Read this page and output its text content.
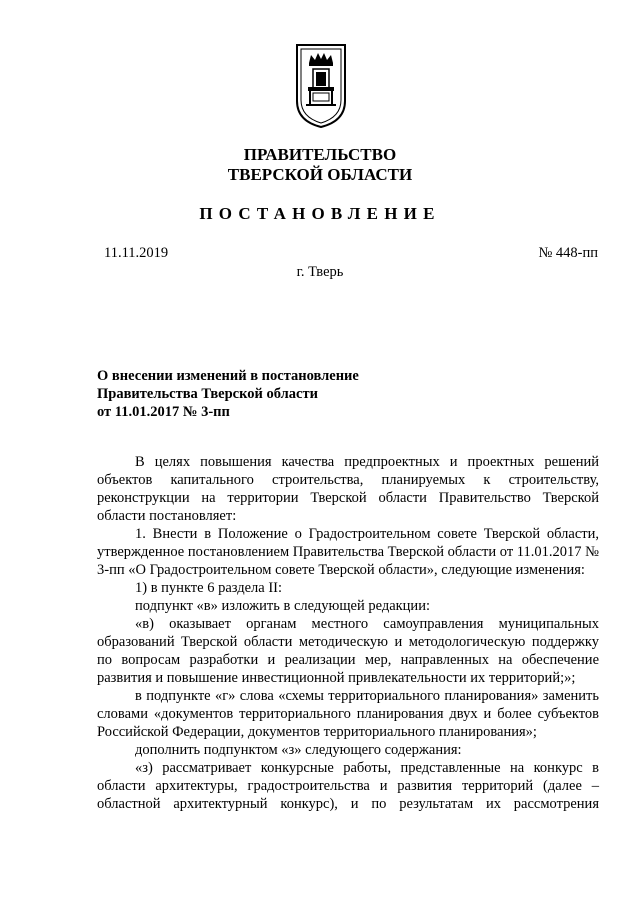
ПРАВИТЕЛЬСТВО
ТВЕРСКОЙ ОБЛАСТИ
ПОСТАНОВЛЕНИЕ
11.11.2019	№ 448-пп
г. Тверь
О внесении изменений в постановление
Правительства Тверской области
от 11.01.2017 № 3-пп

В целях повышения качества предпроектных и проектных решений объектов капитального строительства, планируемых к строительству, реконструкции на территории Тверской области Правительство Тверской области постановляет:

1. Внести в Положение о Градостроительном совете Тверской области, утвержденное постановлением Правительства Тверской области от 11.01.2017 № 3-пп «О Градостроительном совете Тверской области», следующие изменения:

1) в пункте 6 раздела II:

подпункт «в» изложить в следующей редакции:

«в) оказывает органам местного самоуправления муниципальных образований Тверской области методическую и методологическую поддержку по вопросам разработки и реализации мер, направленных на обеспечение развития и повышение инвестиционной привлекательности их территорий;»;

в подпункте «г» слова «схемы территориального планирования» заменить словами «документов территориального планирования двух и более субъектов Российской Федерации, документов территориального планирования»;

дополнить подпунктом «з» следующего содержания:

«з) рассматривает конкурсные работы, представленные на конкурс в области архитектуры, градостроительства и развития территорий (далее – областной архитектурный конкурс), и по результатам их рассмотрения
